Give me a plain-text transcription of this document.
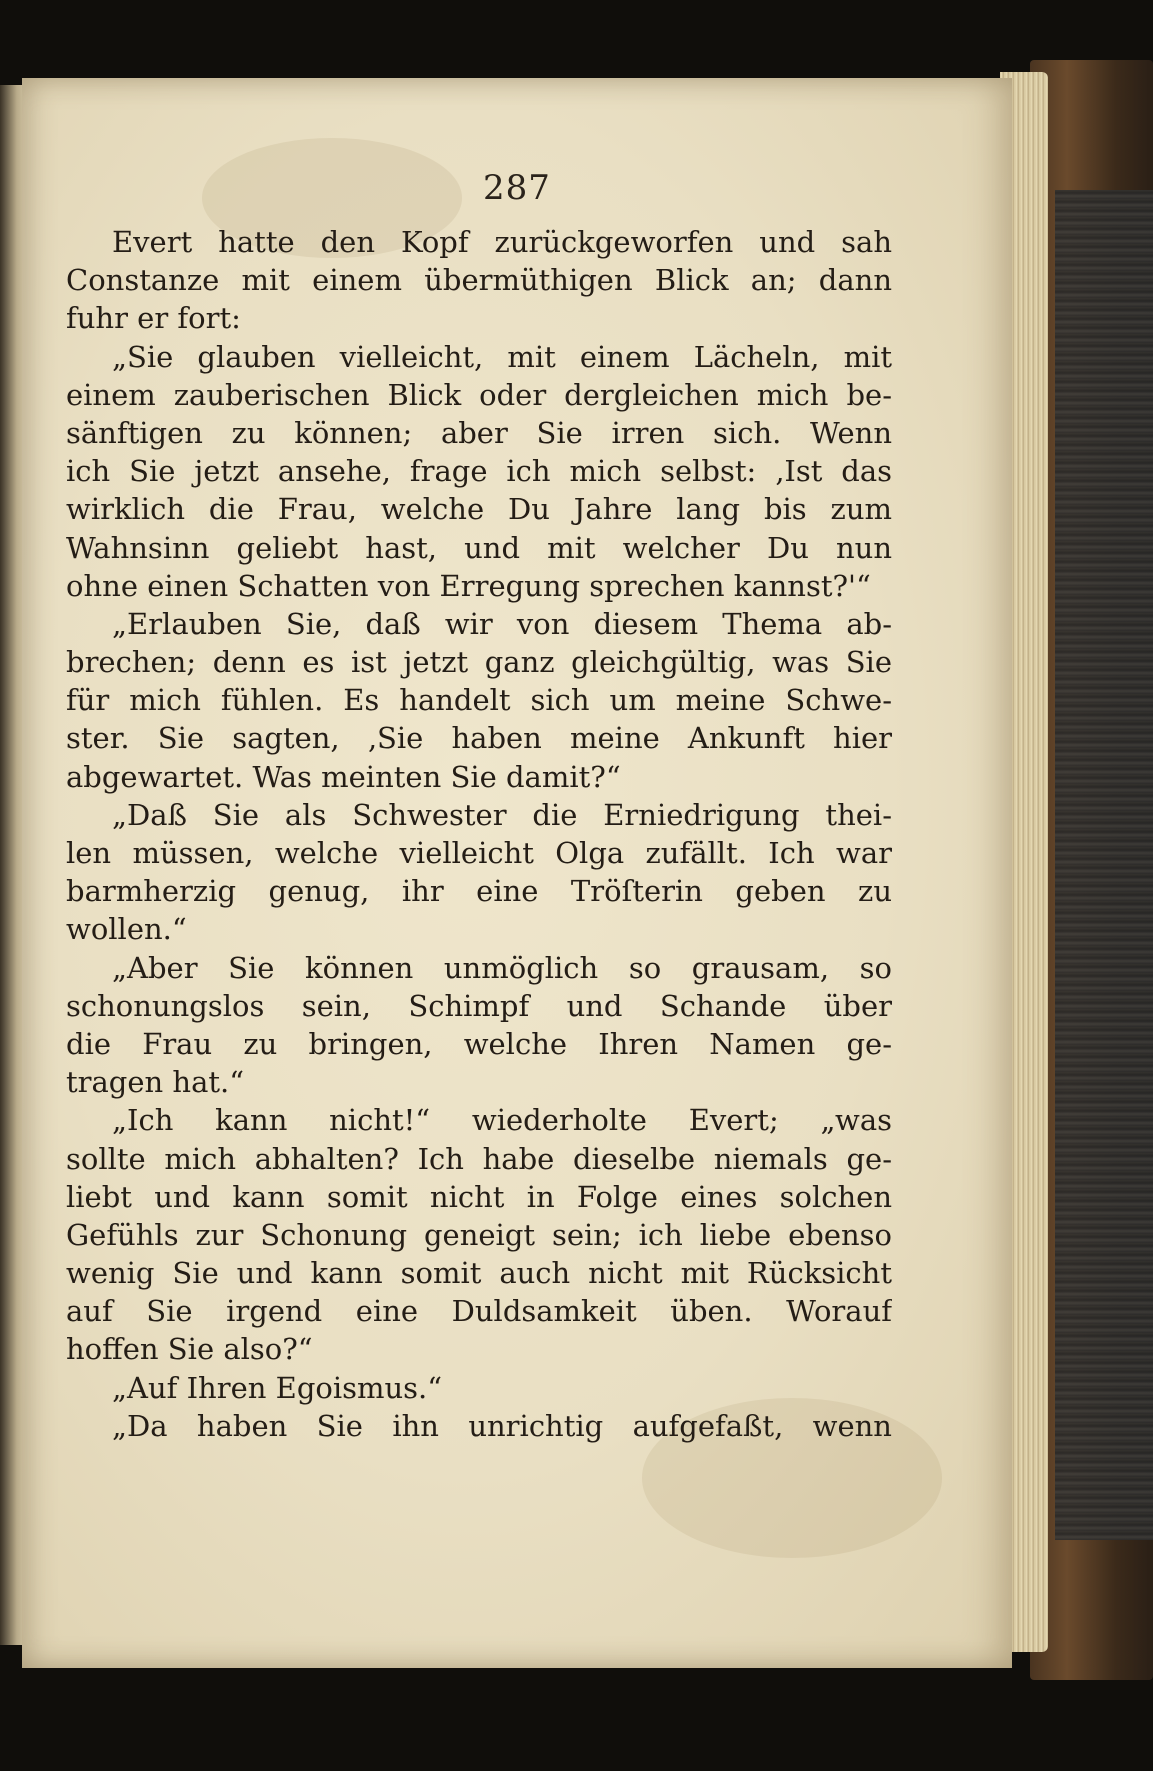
287
Evert hatte den Kopf zurückgeworfen und sah
Constanze mit einem übermüthigen Blick an; dann
fuhr er fort:
„Sie glauben vielleicht, mit einem Lächeln, mit
einem zauberischen Blick oder dergleichen mich be-
sänftigen zu können; aber Sie irren sich. Wenn
ich Sie jetzt ansehe, frage ich mich selbst: ‚Ist das
wirklich die Frau, welche Du Jahre lang bis zum
Wahnsinn geliebt hast, und mit welcher Du nun
ohne einen Schatten von Erregung sprechen kannst?'“
„Erlauben Sie, daß wir von diesem Thema ab-
brechen; denn es ist jetzt ganz gleichgültig, was Sie
für mich fühlen. Es handelt sich um meine Schwe-
ster. Sie sagten, ‚Sie haben meine Ankunft hier
abgewartet. Was meinten Sie damit?“
„Daß Sie als Schwester die Erniedrigung thei-
len müssen, welche vielleicht Olga zufällt. Ich war
barmherzig genug, ihr eine Tröſterin geben zu
wollen.“
„Aber Sie können unmöglich so grausam, so
schonungslos sein, Schimpf und Schande über
die Frau zu bringen, welche Ihren Namen ge-
tragen hat.“
„Ich kann nicht!“ wiederholte Evert; „was
sollte mich abhalten? Ich habe dieselbe niemals ge-
liebt und kann somit nicht in Folge eines solchen
Gefühls zur Schonung geneigt sein; ich liebe ebenso
wenig Sie und kann somit auch nicht mit Rücksicht
auf Sie irgend eine Duldsamkeit üben. Worauf
hoffen Sie also?“
„Auf Ihren Egoismus.“
„Da haben Sie ihn unrichtig aufgefaßt, wenn
